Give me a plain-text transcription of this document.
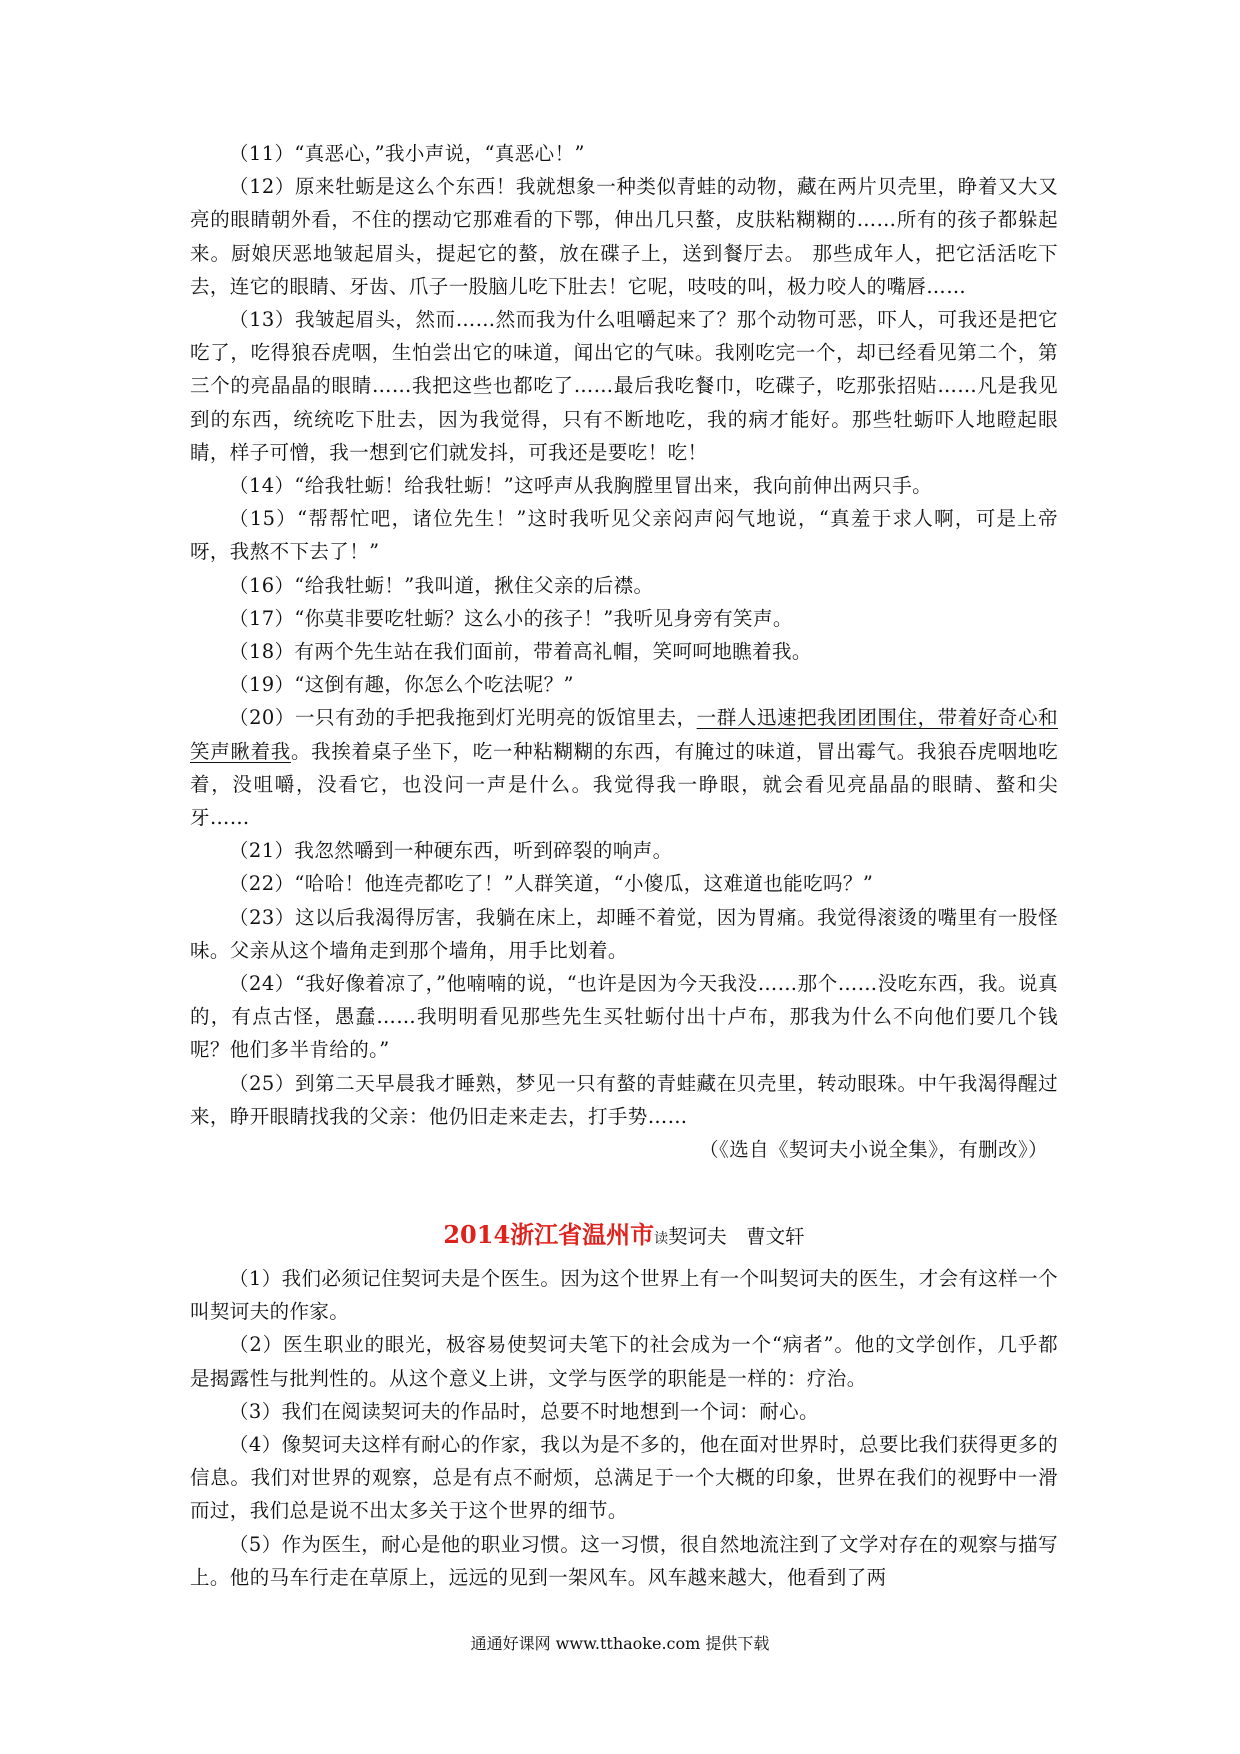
（11）“真恶心，”我小声说，“真恶心！”

（12）原来牡蛎是这么个东西！我就想象一种类似青蛙的动物，藏在两片贝壳里，睁着又大又亮的眼睛朝外看，不住的摆动它那难看的下鄂，伸出几只螯，皮肤粘糊糊的……所有的孩子都躲起来。厨娘厌恶地皱起眉头，提起它的螯，放在碟子上，送到餐厅去。 那些成年人，把它活活吃下去，连它的眼睛、牙齿、爪子一股脑儿吃下肚去！它呢，吱吱的叫，极力咬人的嘴唇……

（13）我皱起眉头，然而……然而我为什么咀嚼起来了？那个动物可恶，吓人，可我还是把它吃了，吃得狼吞虎咽，生怕尝出它的味道，闻出它的气味。我刚吃完一个，却已经看见第二个，第三个的亮晶晶的眼睛……我把这些也都吃了……最后我吃餐巾，吃碟子，吃那张招贴……凡是我见到的东西，统统吃下肚去，因为我觉得，只有不断地吃，我的病才能好。那些牡蛎吓人地瞪起眼睛，样子可憎，我一想到它们就发抖，可我还是要吃！吃！

（14）“给我牡蛎！给我牡蛎！”这呼声从我胸膛里冒出来，我向前伸出两只手。

（15）“帮帮忙吧，诸位先生！”这时我听见父亲闷声闷气地说，“真羞于求人啊，可是上帝呀，我熬不下去了！”

（16）“给我牡蛎！”我叫道，揪住父亲的后襟。

（17）“你莫非要吃牡蛎？这么小的孩子！”我听见身旁有笑声。

（18）有两个先生站在我们面前，带着高礼帽，笑呵呵地瞧着我。

（19）“这倒有趣，你怎么个吃法呢？”

（20）一只有劲的手把我拖到灯光明亮的饭馆里去，一群人迅速把我团团围住，带着好奇心和笑声瞅着我。我挨着桌子坐下，吃一种粘糊糊的东西，有腌过的味道，冒出霉气。我狼吞虎咽地吃着，没咀嚼，没看它，也没问一声是什么。我觉得我一睁眼，就会看见亮晶晶的眼睛、螯和尖牙……

（21）我忽然嚼到一种硬东西，听到碎裂的响声。

（22）“哈哈！他连壳都吃了！”人群笑道，“小傻瓜，这难道也能吃吗？”

（23）这以后我渴得厉害，我躺在床上，却睡不着觉，因为胃痛。我觉得滚烫的嘴里有一股怪味。父亲从这个墙角走到那个墙角，用手比划着。

（24）“我好像着凉了，”他喃喃的说，“也许是因为今天我没……那个……没吃东西，我。说真的，有点古怪，愚蠢……我明明看见那些先生买牡蛎付出十卢布，那我为什么不向他们要几个钱呢？他们多半肯给的。”

（25）到第二天早晨我才睡熟，梦见一只有螯的青蛙藏在贝壳里，转动眼珠。中午我渴得醒过来，睁开眼睛找我的父亲：他仍旧走来走去，打手势……

（《选自《契诃夫小说全集》，有删改》）

2014浙江省温州市读契诃夫　曹文轩

（1）我们必须记住契诃夫是个医生。因为这个世界上有一个叫契诃夫的医生，才会有这样一个叫契诃夫的作家。

（2）医生职业的眼光，极容易使契诃夫笔下的社会成为一个“病者”。他的文学创作，几乎都是揭露性与批判性的。从这个意义上讲，文学与医学的职能是一样的：疗治。

（3）我们在阅读契诃夫的作品时，总要不时地想到一个词：耐心。

（4）像契诃夫这样有耐心的作家，我以为是不多的，他在面对世界时，总要比我们获得更多的信息。我们对世界的观察，总是有点不耐烦，总满足于一个大概的印象，世界在我们的视野中一滑而过，我们总是说不出太多关于这个世界的细节。

（5）作为医生，耐心是他的职业习惯。这一习惯，很自然地流注到了文学对存在的观察与描写上。他的马车行走在草原上，远远的见到一架风车。风车越来越大，他看到了两

通通好课网 www.tthaoke.com 提供下载
